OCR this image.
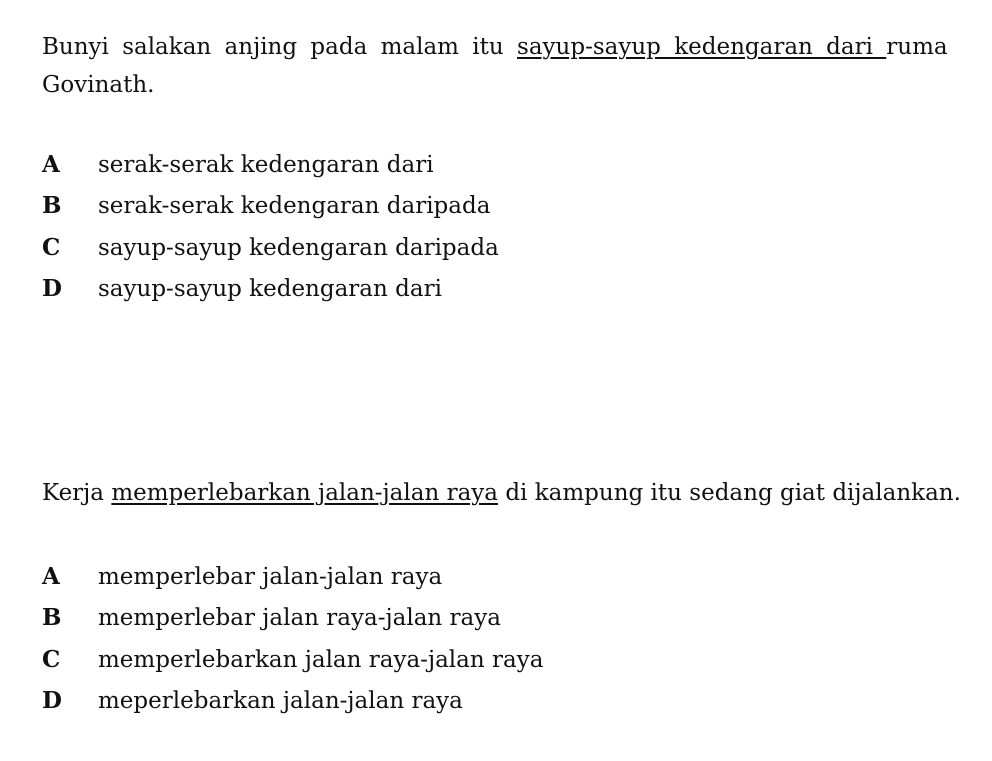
Bunyi salakan anjing pada malam itu sayup-sayup kedengaran dari ruma

Govinath.

A	serak-serak kedengaran dari
B	serak-serak kedengaran daripada
C	sayup-sayup kedengaran daripada
D	sayup-sayup kedengaran dari

Kerja memperlebarkan jalan-jalan raya di kampung itu sedang giat dijalankan.

A	memperlebar jalan-jalan raya
B	memperlebar jalan raya-jalan raya
C	memperlebarkan jalan raya-jalan raya
D	meperlebarkan jalan-jalan raya
